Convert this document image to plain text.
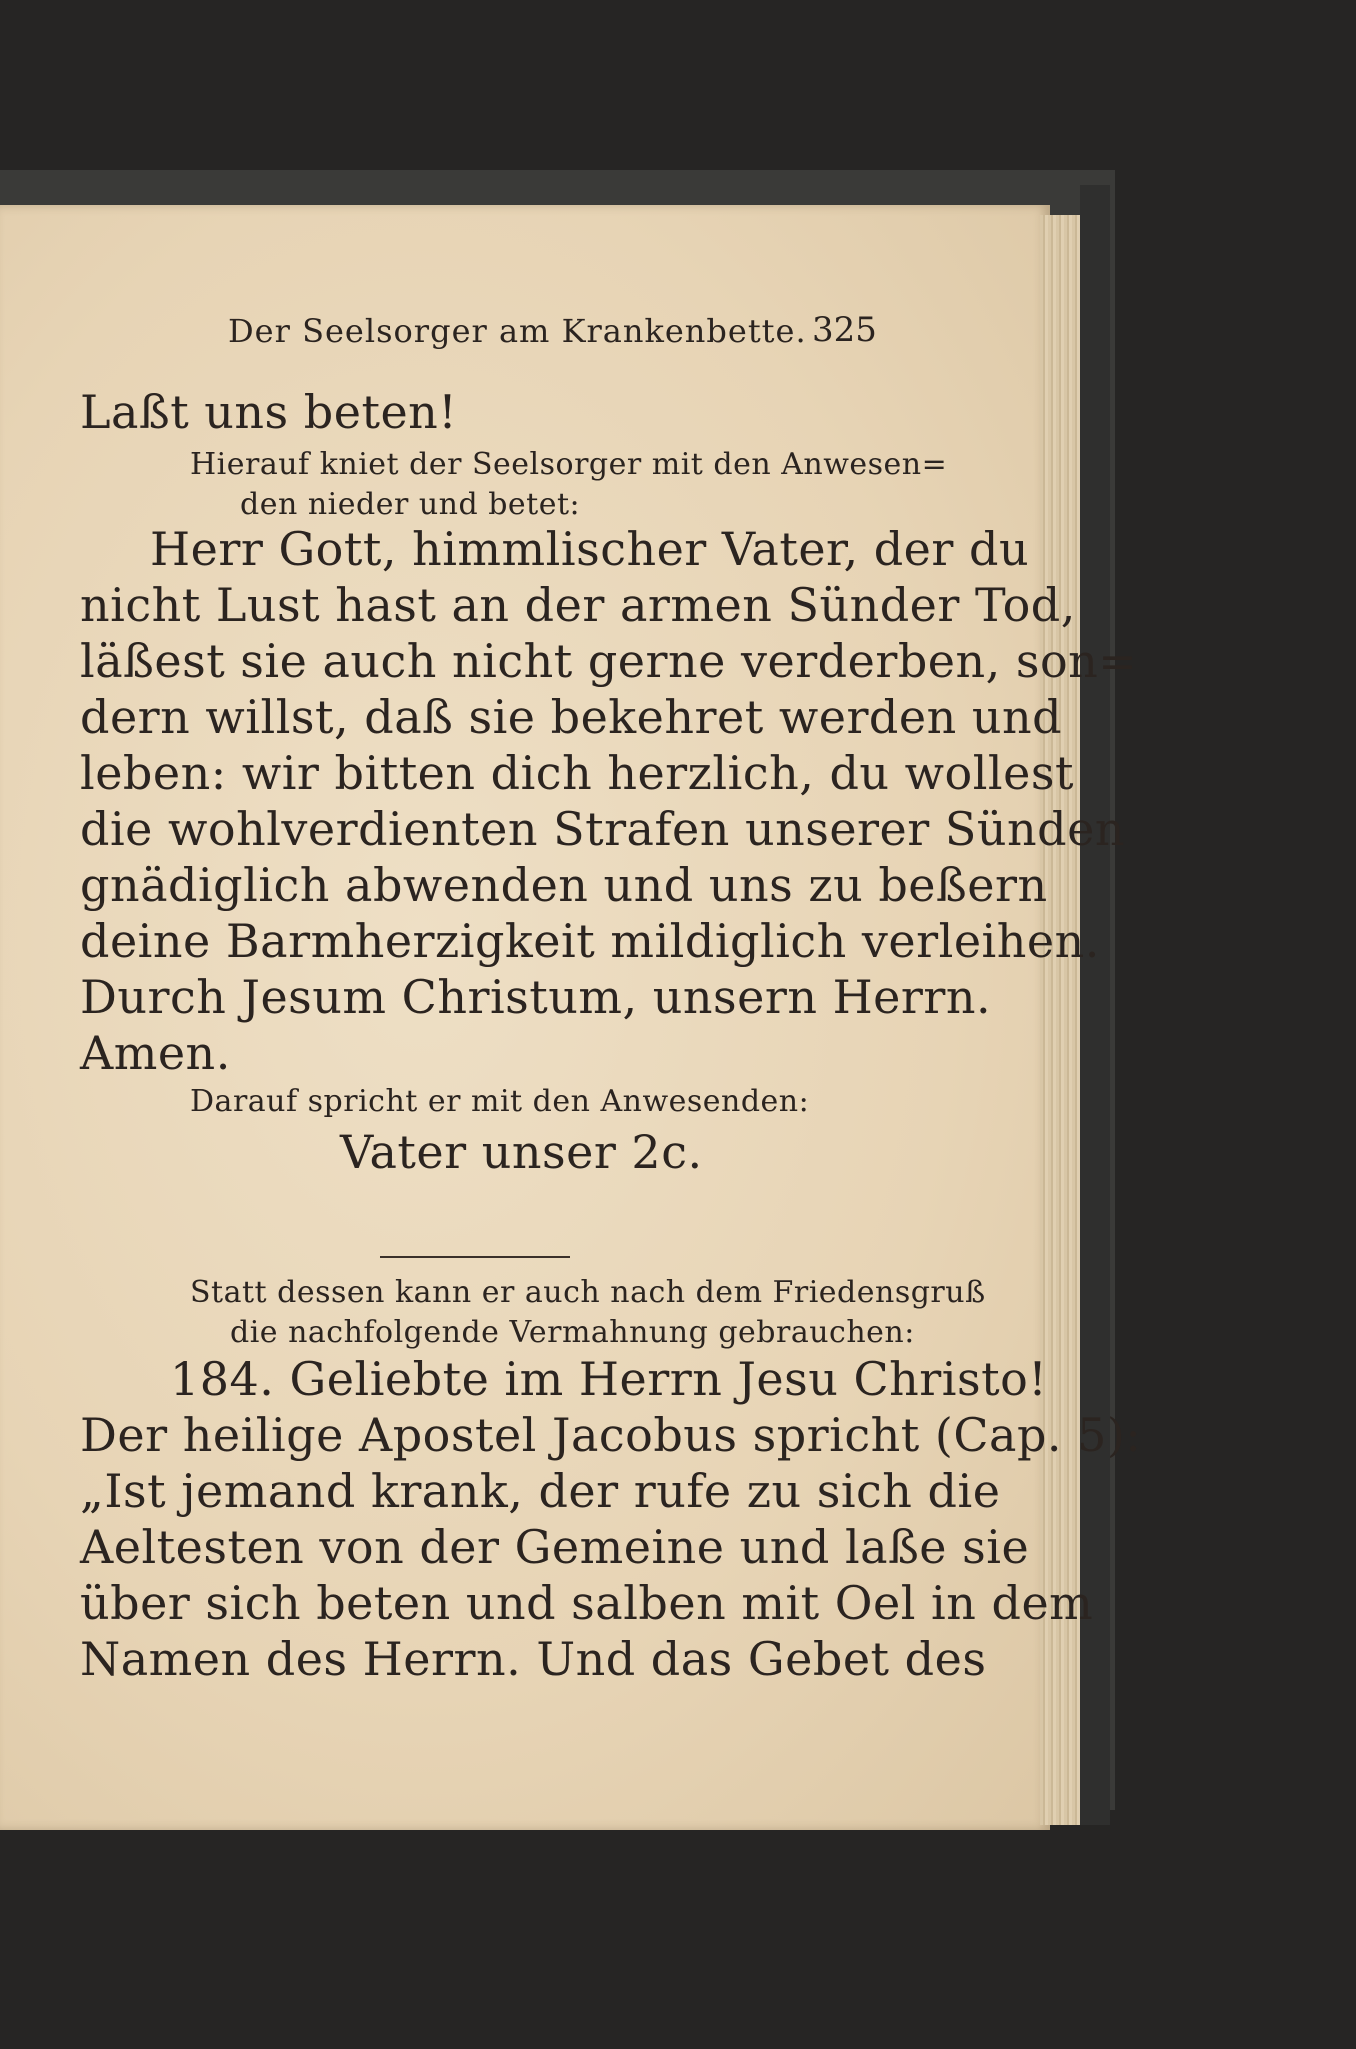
Der Seelsorger am Krankenbette. 325
Laßt uns beten!
Hierauf kniet der Seelsorger mit den Anwesen=
den nieder und betet:
Herr Gott, himmlischer Vater, der du
nicht Lust hast an der armen Sünder Tod,
läßest sie auch nicht gerne verderben, son=
dern willst, daß sie bekehret werden und
leben: wir bitten dich herzlich, du wollest
die wohlverdienten Strafen unserer Sünden
gnädiglich abwenden und uns zu beßern
deine Barmherzigkeit mildiglich verleihen.
Durch Jesum Christum, unsern Herrn.
Amen.
Darauf spricht er mit den Anwesenden:
Vater unser 2c.
Statt dessen kann er auch nach dem Friedensgruß
die nachfolgende Vermahnung gebrauchen:
184. Geliebte im Herrn Jesu Christo!
Der heilige Apostel Jacobus spricht (Cap. 5):
„Ist jemand krank, der rufe zu sich die
Aeltesten von der Gemeine und laße sie
über sich beten und salben mit Oel in dem
Namen des Herrn. Und das Gebet des
